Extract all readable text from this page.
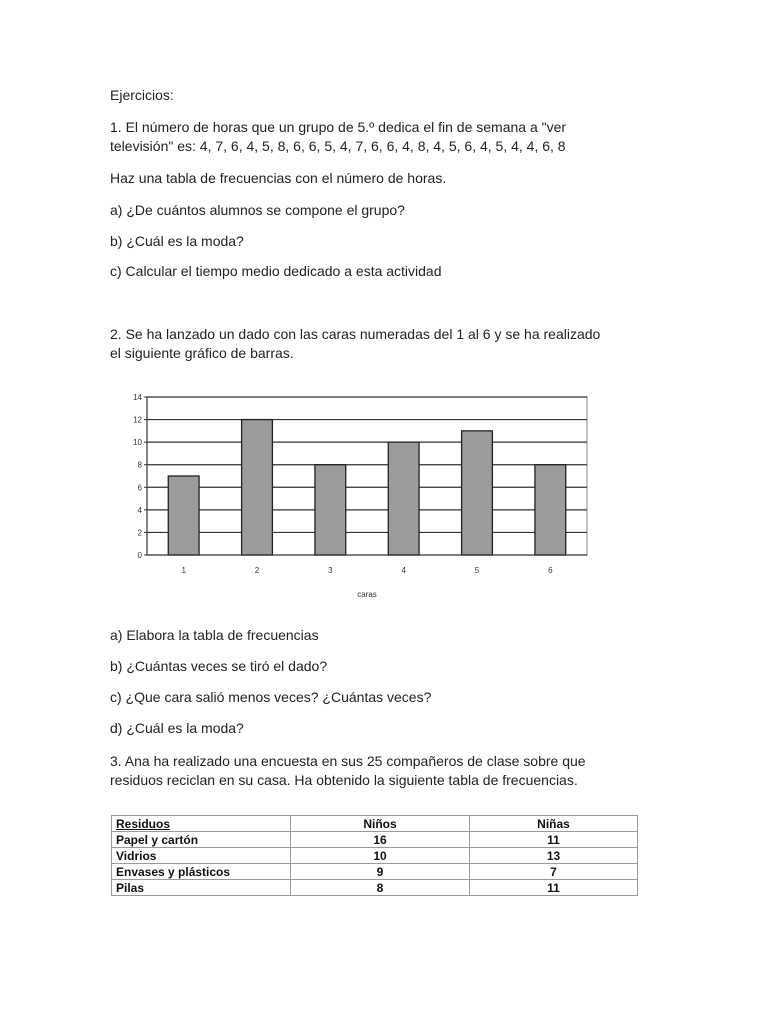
Ejercicios:

1. El número de horas que un grupo de 5.º dedica el fin de semana a "ver

televisión" es: 4, 7, 6, 4, 5, 8, 6, 6, 5, 4, 7, 6, 6, 4, 8, 4, 5, 6, 4, 5, 4, 4, 6, 8

Haz una tabla de frecuencias con el número de horas.

a) ¿De cuántos alumnos se compone el grupo?

b) ¿Cuál es la moda?

c) Calcular el tiempo medio dedicado a esta actividad

2. Se ha lanzado un dado con las caras numeradas del 1 al 6 y se ha realizado

el siguiente gráfico de barras.

0
2
4
6
8
10
12
14
1	2	3	4	5	6
caras

a) Elabora la tabla de frecuencias

b) ¿Cuántas veces se tiró el dado?

c) ¿Que cara salió menos veces? ¿Cuántas veces?

d) ¿Cuál es la moda?

3. Ana ha realizado una encuesta en sus 25 compañeros de clase sobre que

residuos reciclan en su casa. Ha obtenido la siguiente tabla de frecuencias.

Residuos	Niños	Niñas
Papel y cartón	16	11
Vidrios	10	13
Envases y plásticos	9	7
Pilas	8	11
